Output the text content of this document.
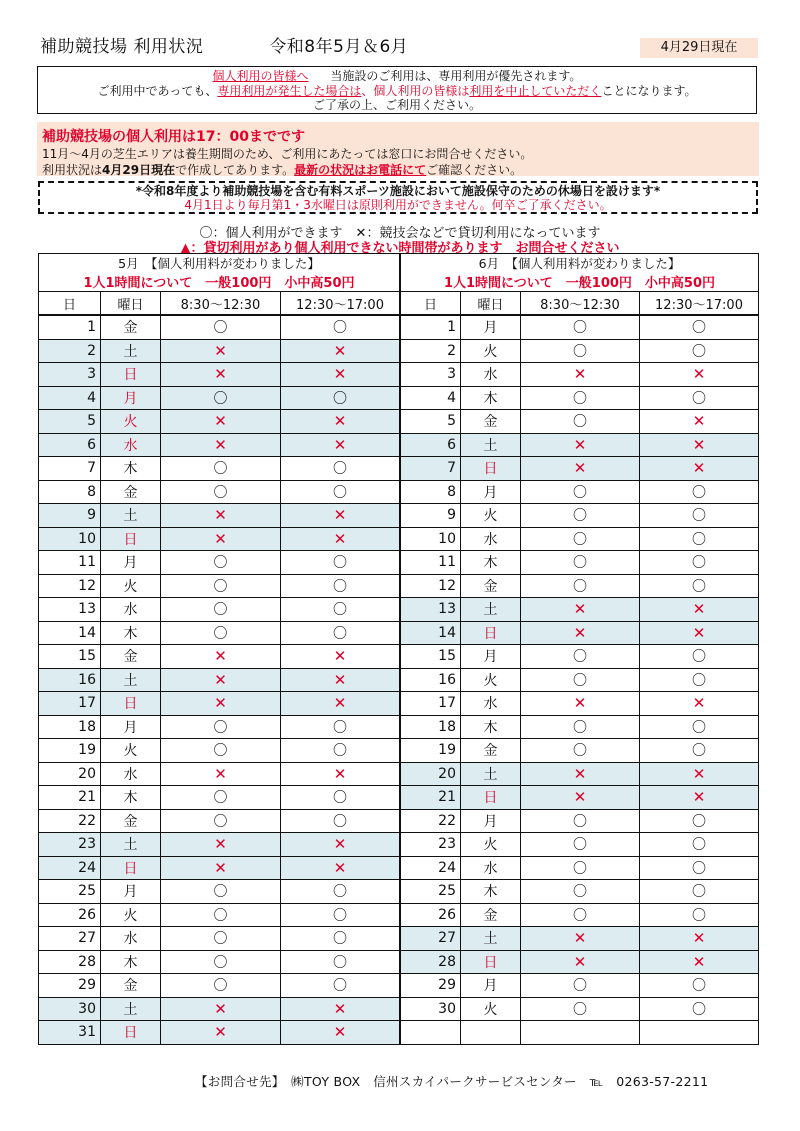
補助競技場 利用状況	令和8年5月＆6月	4月29日現在
個人利用の皆様へ 当施設のご利用は、専用利用が優先されます。
ご利用中であっても、専用利用が発生した場合は、個人利用の皆様は利用を中止していただくことになります。
ご了承の上、ご利用ください。
補助競技場の個人利用は17：00までです
11月～4月の芝生エリアは養生期間のため、ご利用にあたっては窓口にお問合せください。
利用状況は4月29日現在で作成してあります。最新の状況はお電話にてご確認ください。
*令和8年度より補助競技場を含む有料スポーツ施設において施設保守のための休場日を設けます*
4月1日より毎月第1・3水曜日は原則利用ができません。何卒ご了承ください。
〇：個人利用ができます　✕：競技会などで貸切利用になっています
▲：貸切利用があり個人利用できない時間帯があります　お問合せください
5月　【個人利用料が変わりました】			
1人1時間について　一般100円　小中高50円			
日	曜日	8:30～12:30	12:30～17:00
1	金	〇	〇
2	土	✕	✕
3	日	✕	✕
4	月	〇	〇
5	火	✕	✕
6	水	✕	✕
7	木	〇	〇
8	金	〇	〇
9	土	✕	✕
10	日	✕	✕
11	月	〇	〇
12	火	〇	〇
13	水	〇	〇
14	木	〇	〇
15	金	✕	✕
16	土	✕	✕
17	日	✕	✕
18	月	〇	〇
19	火	〇	〇
20	水	✕	✕
21	木	〇	〇
22	金	〇	〇
23	土	✕	✕
24	日	✕	✕
25	月	〇	〇
26	火	〇	〇
27	水	〇	〇
28	木	〇	〇
29	金	〇	〇
30	土	✕	✕
31	日	✕	✕
6月　【個人利用料が変わりました】			
1人1時間について　一般100円　小中高50円			
日	曜日	8:30～12:30	12:30～17:00
1	月	〇	〇
2	火	〇	〇
3	水	✕	✕
4	木	〇	〇
5	金	〇	✕
6	土	✕	✕
7	日	✕	✕
8	月	〇	〇
9	火	〇	〇
10	水	〇	〇
11	木	〇	〇
12	金	〇	〇
13	土	✕	✕
14	日	✕	✕
15	月	〇	〇
16	火	〇	〇
17	水	✕	✕
18	木	〇	〇
19	金	〇	〇
20	土	✕	✕
21	日	✕	✕
22	月	〇	〇
23	火	〇	〇
24	水	〇	〇
25	木	〇	〇
26	金	〇	〇
27	土	✕	✕
28	日	✕	✕
29	月	〇	〇
30	火	〇	〇

【お問合せ先】　㈱TOY BOX　信州スカイパークサービスセンター　℡　0263-57-2211
